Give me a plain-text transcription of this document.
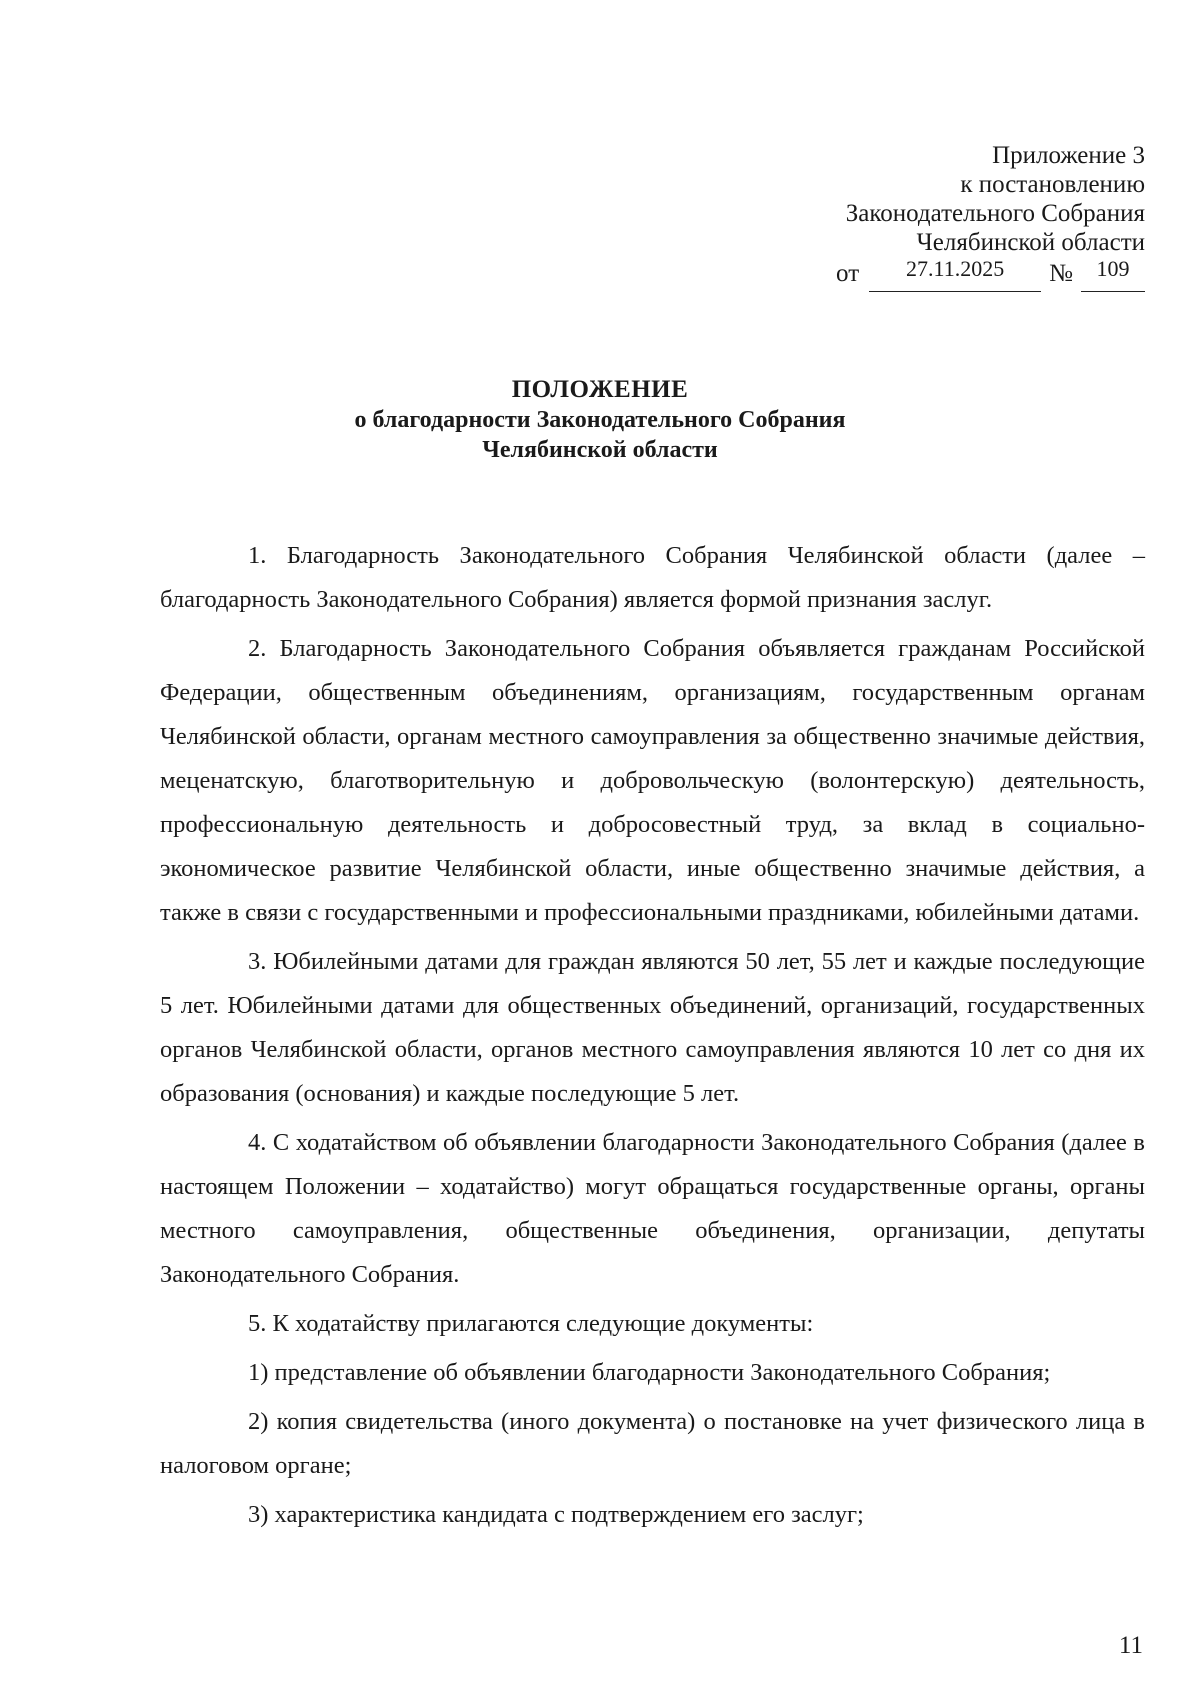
Приложение 3
к постановлению
Законодательного Собрания
Челябинской области
от	27.11.2025	№	109
ПОЛОЖЕНИЕ
о благодарности Законодательного Собрания
Челябинской области

1. Благодарность Законодательного Собрания Челябинской области (далее – благодарность Законодательного Собрания) является формой признания заслуг.

2. Благодарность Законодательного Собрания объявляется гражданам Российской Федерации, общественным объединениям, организациям, государственным органам Челябинской области, органам местного самоуправления за общественно значимые действия, меценатскую, благотворительную и добровольческую (волонтерскую) деятельность, профессиональную деятельность и добросовестный труд, за вклад в социально-экономическое развитие Челябинской области, иные общественно значимые действия, а также в связи с государственными и профессиональными праздниками, юбилейными датами.

3. Юбилейными датами для граждан являются 50 лет, 55 лет и каждые последующие 5 лет. Юбилейными датами для общественных объединений, организаций, государственных органов Челябинской области, органов местного самоуправления являются 10 лет со дня их образования (основания) и каждые последующие 5 лет.

4. С ходатайством об объявлении благодарности Законодательного Собрания (далее в настоящем Положении – ходатайство) могут обращаться государственные органы, органы местного самоуправления, общественные объединения, организации, депутаты Законодательного Собрания.

5. К ходатайству прилагаются следующие документы:

1) представление об объявлении благодарности Законодательного Собрания;

2) копия свидетельства (иного документа) о постановке на учет физического лица в налоговом органе;

3) характеристика кандидата с подтверждением его заслуг;

11
